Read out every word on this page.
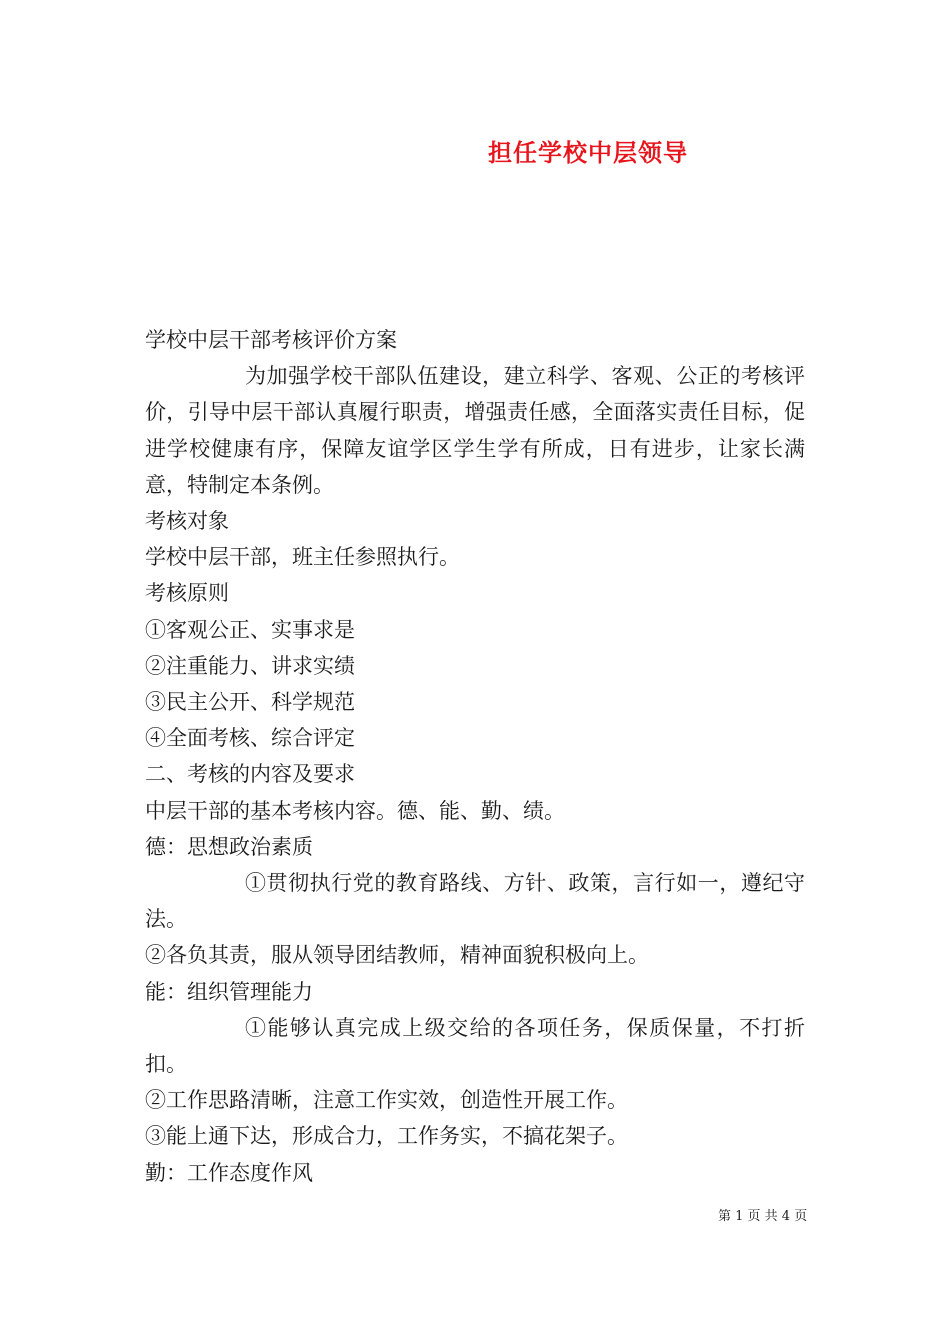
担任学校中层领导

学校中层干部考核评价方案

为加强学校干部队伍建设，建立科学、客观、公正的考核评价，引导中层干部认真履行职责，增强责任感，全面落实责任目标，促进学校健康有序，保障友谊学区学生学有所成，日有进步，让家长满意，特制定本条例。

考核对象

学校中层干部，班主任参照执行。

考核原则

①客观公正、实事求是

②注重能力、讲求实绩

③民主公开、科学规范

④全面考核、综合评定

二、考核的内容及要求

中层干部的基本考核内容。德、能、勤、绩。

德：思想政治素质

①贯彻执行党的教育路线、方针、政策，言行如一，遵纪守法。

②各负其责，服从领导团结教师，精神面貌积极向上。

能：组织管理能力

①能够认真完成上级交给的各项任务，保质保量，不打折扣。

②工作思路清晰，注意工作实效，创造性开展工作。

③能上通下达，形成合力，工作务实，不搞花架子。

勤：工作态度作风

第 1 页 共 4 页
